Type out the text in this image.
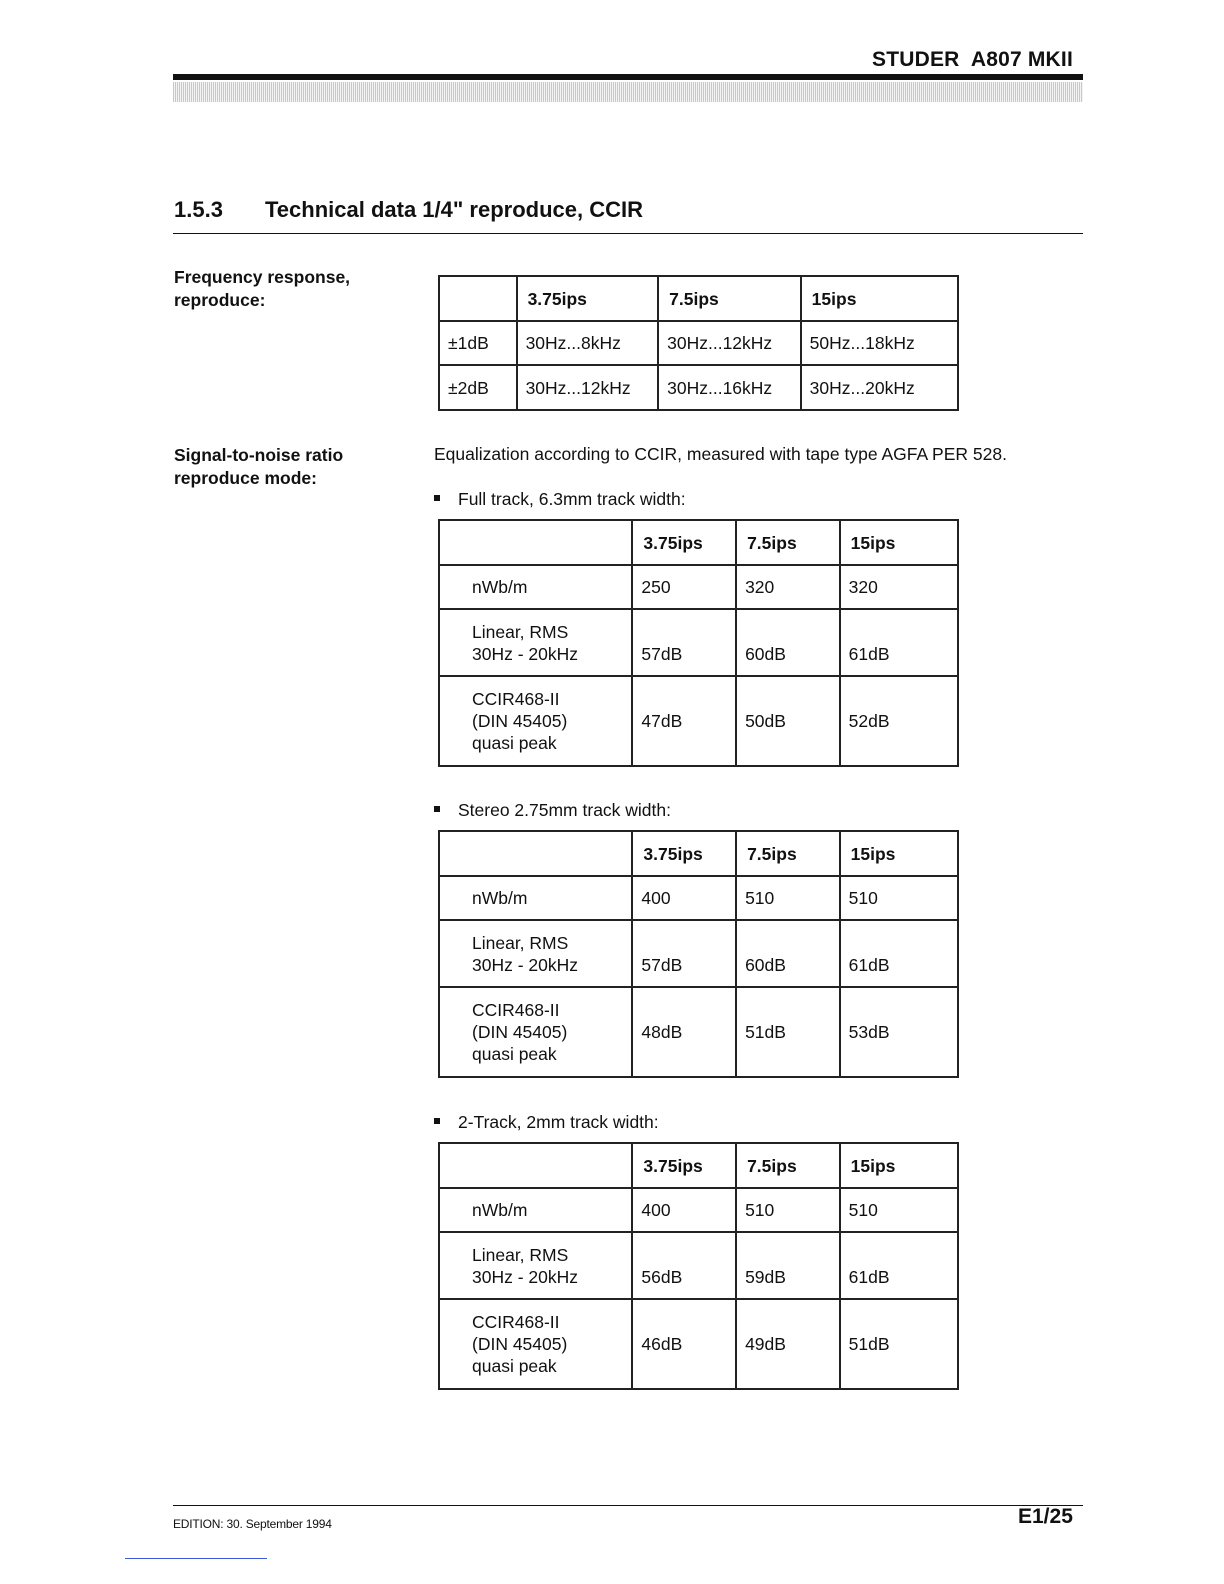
STUDER  A807 MKII
1.5.3 Technical data 1/4" reproduce, CCIR
Frequency response,
reproduce:
		3.75ips	7.5ips	15ips
±1dB	30Hz...8kHz	30Hz...12kHz	50Hz...18kHz
±2dB	30Hz...12kHz	30Hz...16kHz	30Hz...20kHz
Signal-to-noise ratio
reproduce mode:
Equalization according to CCIR, measured with tape type AGFA PER 528.
Full track, 6.3mm track width:
	3.75ips	7.5ips	15ips

nWb/m	250	320	320

Linear, RMS
30Hz - 20kHz	57dB	60dB	61dB

CCIR468-II
(DIN 45405)
quasi peak	47dB	50dB	52dB
Stereo 2.75mm track width:
	3.75ips	7.5ips	15ips

nWb/m	400	510	510

Linear, RMS
30Hz - 20kHz	57dB	60dB	61dB

CCIR468-II
(DIN 45405)
quasi peak	48dB	51dB	53dB
2-Track, 2mm track width:
	3.75ips	7.5ips	15ips

nWb/m	400	510	510

Linear, RMS
30Hz - 20kHz	56dB	59dB	61dB

CCIR468-II
(DIN 45405)
quasi peak	46dB	49dB	51dB
EDITION: 30. September 1994	E1/25
